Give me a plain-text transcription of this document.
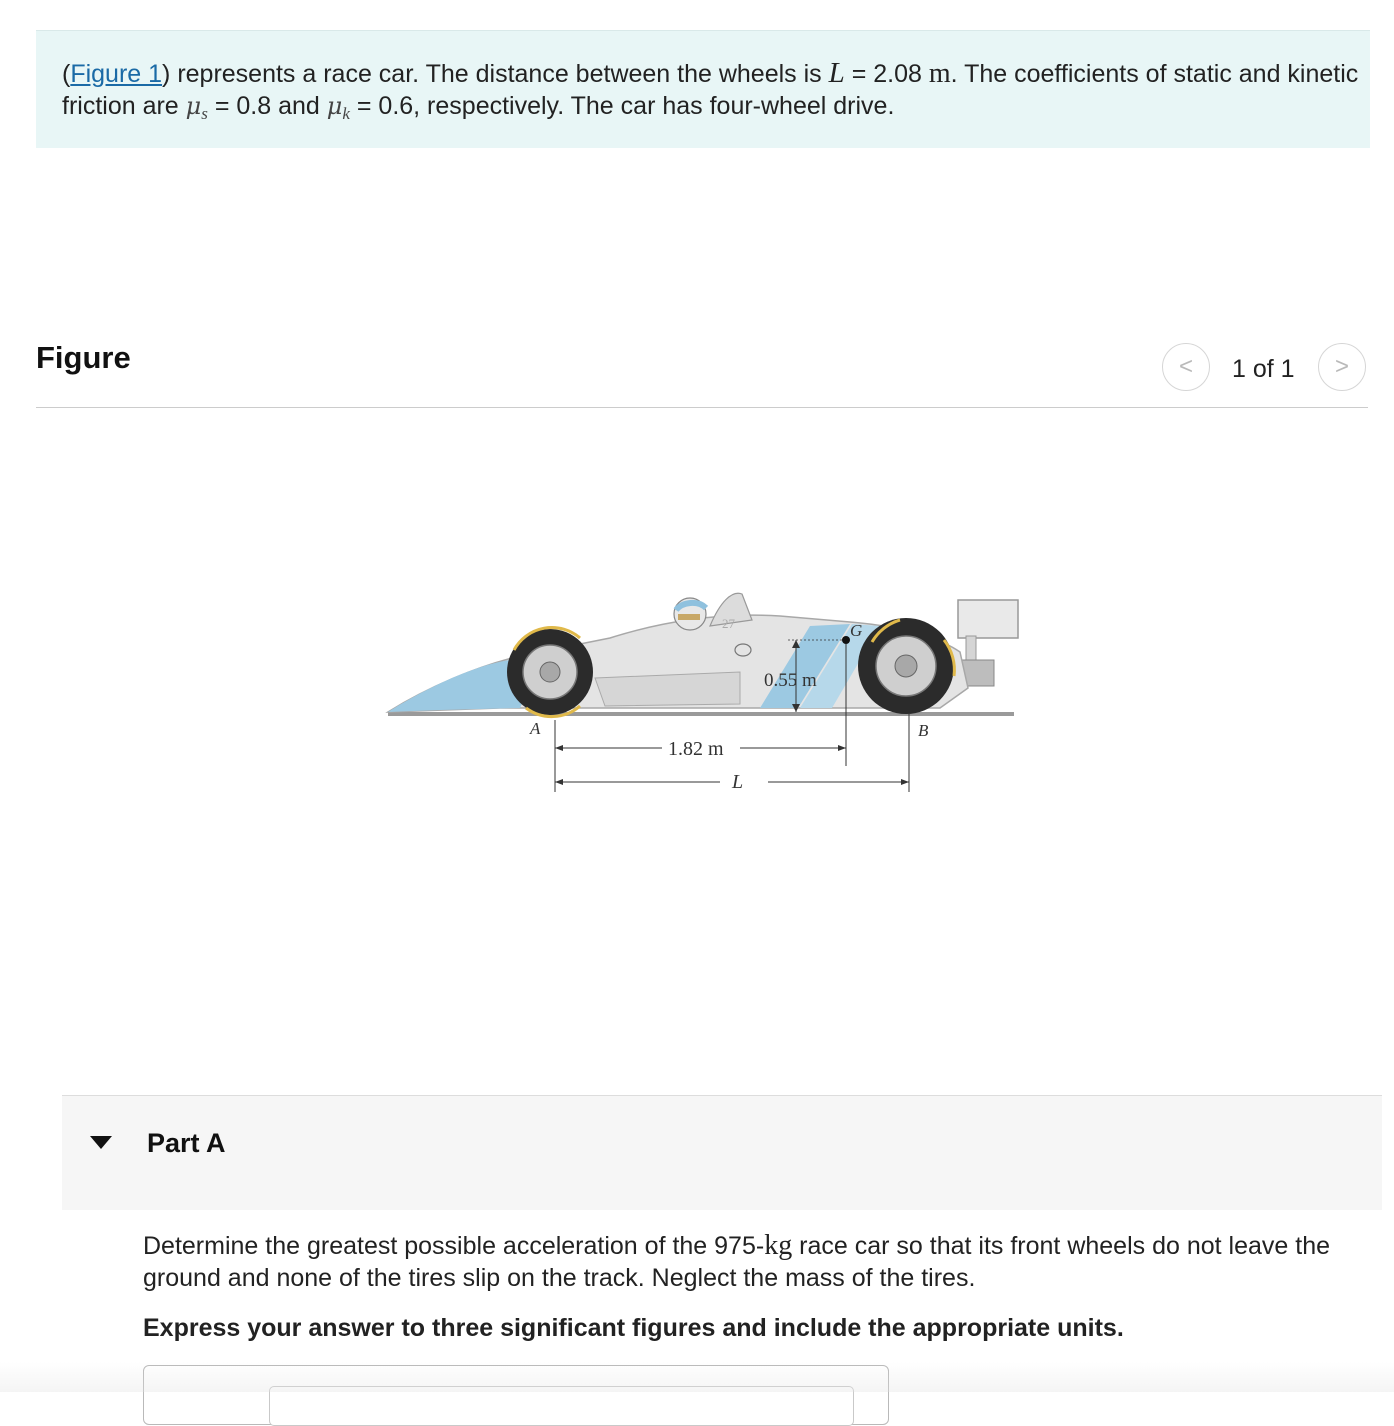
(Figure 1) represents a race car. The distance between the wheels is L = 2.08 m. The coefficients of static and kinetic friction are $\mu_s = 0.8$ and $\mu_k = 0.6$, respectively. The car has four-wheel drive.
Figure	< 1 of 1 >
27	G
0.55 m
A	B
1.82 m
L
Part A
Determine the greatest possible acceleration of the 975-kg race car so that its front wheels do not leave the ground and none of the tires slip on the track. Neglect the mass of the tires.
Express your answer to three significant figures and include the appropriate units.
